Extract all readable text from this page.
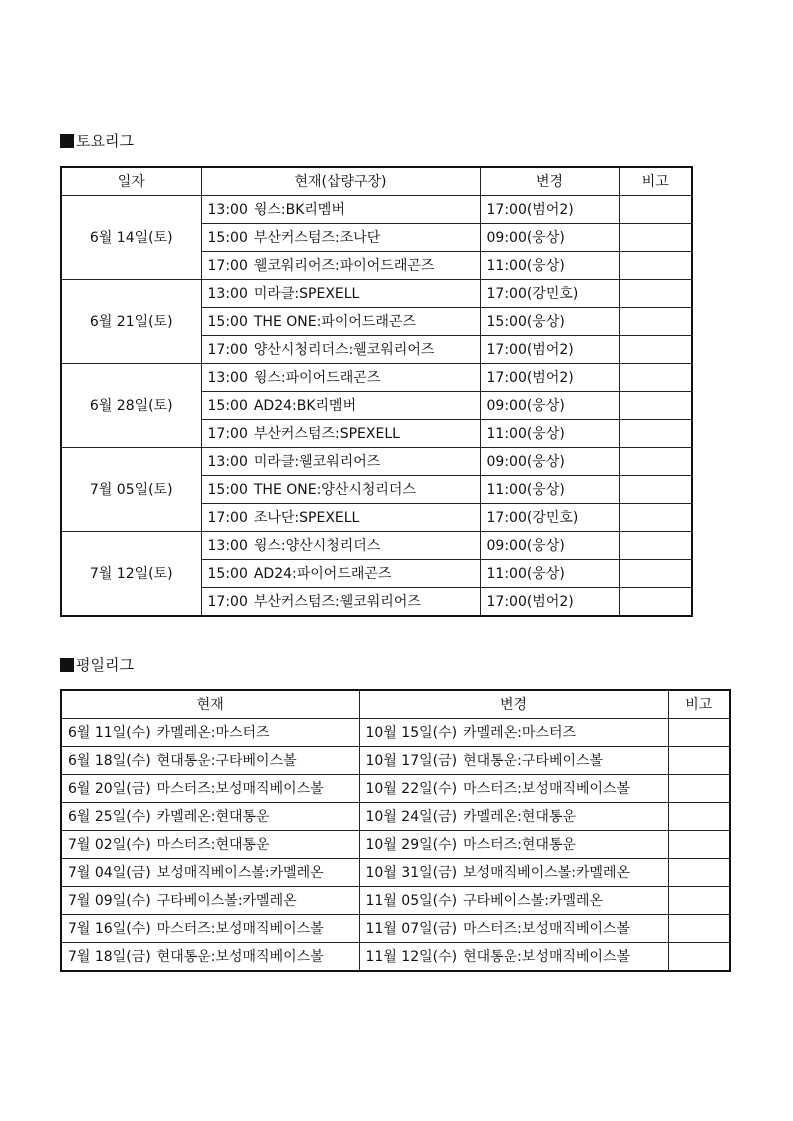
토요리그
일자	현재(삽량구장)	변경	비고
6월 14일(토)	13:00 윙스:BK리멤버	17:00(범어2)	
	15:00 부산커스텀즈:조나단	09:00(웅상)	
	17:00 웰코워리어즈:파이어드래곤즈	11:00(웅상)	
6월 21일(토)	13:00 미라클:SPEXELL	17:00(강민호)	
	15:00 THE ONE:파이어드래곤즈	15:00(웅상)	
	17:00 양산시청리더스:웰코워리어즈	17:00(범어2)	
6월 28일(토)	13:00 윙스:파이어드래곤즈	17:00(범어2)	
	15:00 AD24:BK리멤버	09:00(웅상)	
	17:00 부산커스텀즈:SPEXELL	11:00(웅상)	
7월 05일(토)	13:00 미라클:웰코워리어즈	09:00(웅상)	
	15:00 THE ONE:양산시청리더스	11:00(웅상)	
	17:00 조나단:SPEXELL	17:00(강민호)	
7월 12일(토)	13:00 윙스:양산시청리더스	09:00(웅상)	
	15:00 AD24:파이어드래곤즈	11:00(웅상)	
	17:00 부산커스텀즈:웰코워리어즈	17:00(범어2)	
평일리그
현재	변경	비고
6월 11일(수) 카멜레온:마스터즈	10월 15일(수) 카멜레온:마스터즈	
6월 18일(수) 현대통운:구타베이스볼	10월 17일(금) 현대통운:구타베이스볼	
6월 20일(금) 마스터즈:보성매직베이스볼	10월 22일(수) 마스터즈:보성매직베이스볼	
6월 25일(수) 카멜레온:현대통운	10월 24일(금) 카멜레온:현대통운	
7월 02일(수) 마스터즈:현대통운	10월 29일(수) 마스터즈:현대통운	
7월 04일(금) 보성매직베이스볼:카멜레온	10월 31일(금) 보성매직베이스볼:카멜레온	
7월 09일(수) 구타베이스볼:카멜레온	11월 05일(수) 구타베이스볼:카멜레온	
7월 16일(수) 마스터즈:보성매직베이스볼	11월 07일(금) 마스터즈:보성매직베이스볼	
7월 18일(금) 현대통운:보성매직베이스볼	11월 12일(수) 현대통운:보성매직베이스볼	
